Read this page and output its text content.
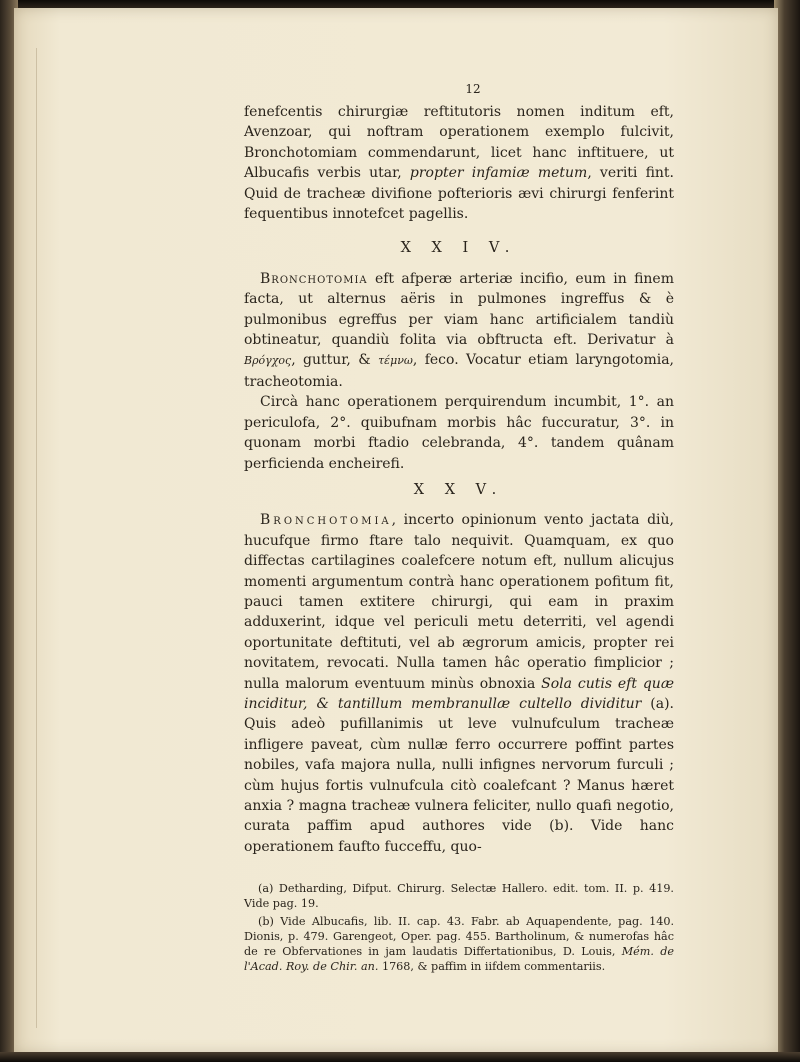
12

fenefcentis chirurgiæ reftitutoris nomen inditum eft, Avenzoar, qui noftram operationem exemplo fulcivit, Bronchotomiam commendarunt, licet hanc inftituere, ut Albucafis verbis utar, propter infamiæ metum, veriti fint. Quid de tracheæ divifione pofterioris ævi chirurgi fenferint fequentibus innotefcet pagellis.

X X I V.

Bronchotomia eft afperæ arteriæ incifio, eum in finem facta, ut alternus aëris in pulmones ingreffus & è pulmonibus egreffus per viam hanc artificialem tandiù obtineatur, quandiù folita via obftructa eft. Derivatur à Βρόγχος, guttur, & τέμνω, feco. Vocatur etiam laryngotomia, tracheotomia.

Circà hanc operationem perquirendum incumbit, 1°. an periculofa, 2°. quibufnam morbis hâc fuccuratur, 3°. in quonam morbi ftadio celebranda, 4°. tandem quânam perficienda encheirefi.

X X V.

Bronchotomia, incerto opinionum vento jactata diù, hucufque firmo ftare talo nequivit. Quamquam, ex quo diffectas cartilagines coalefcere notum eft, nullum alicujus momenti argumentum contrà hanc operationem pofitum fit, pauci tamen extitere chirurgi, qui eam in praxim adduxerint, idque vel periculi metu deterriti, vel agendi oportunitate deftituti, vel ab ægrorum amicis, propter rei novitatem, revocati. Nulla tamen hâc operatio fimplicior ; nulla malorum eventuum minùs obnoxia Sola cutis eft quæ inciditur, & tantillum membranullæ cultello dividitur (a). Quis adeò pufillanimis ut leve vulnufculum tracheæ infligere paveat, cùm nullæ ferro occurrere poffint partes nobiles, vafa majora nulla, nulli infignes nervorum furculi ; cùm hujus fortis vulnufcula citò coalefcant ? Manus hæret anxia ? magna tracheæ vulnera feliciter, nullo quafi negotio, curata paffim apud authores vide (b). Vide hanc operationem faufto fucceffu, quo-

(a) Detharding, Difput. Chirurg. Selectæ Hallero. edit. tom. II. p. 419. Vide pag. 19.

(b) Vide Albucafis, lib. II. cap. 43. Fabr. ab Aquapendente, pag. 140. Dionis, p. 479. Garengeot, Oper. pag. 455. Bartholinum, & numerofas hâc de re Obfervationes in jam laudatis Differtationibus, D. Louis, Mém. de l'Acad. Roy. de Chir. an. 1768, & paffim in iifdem commentariis.
